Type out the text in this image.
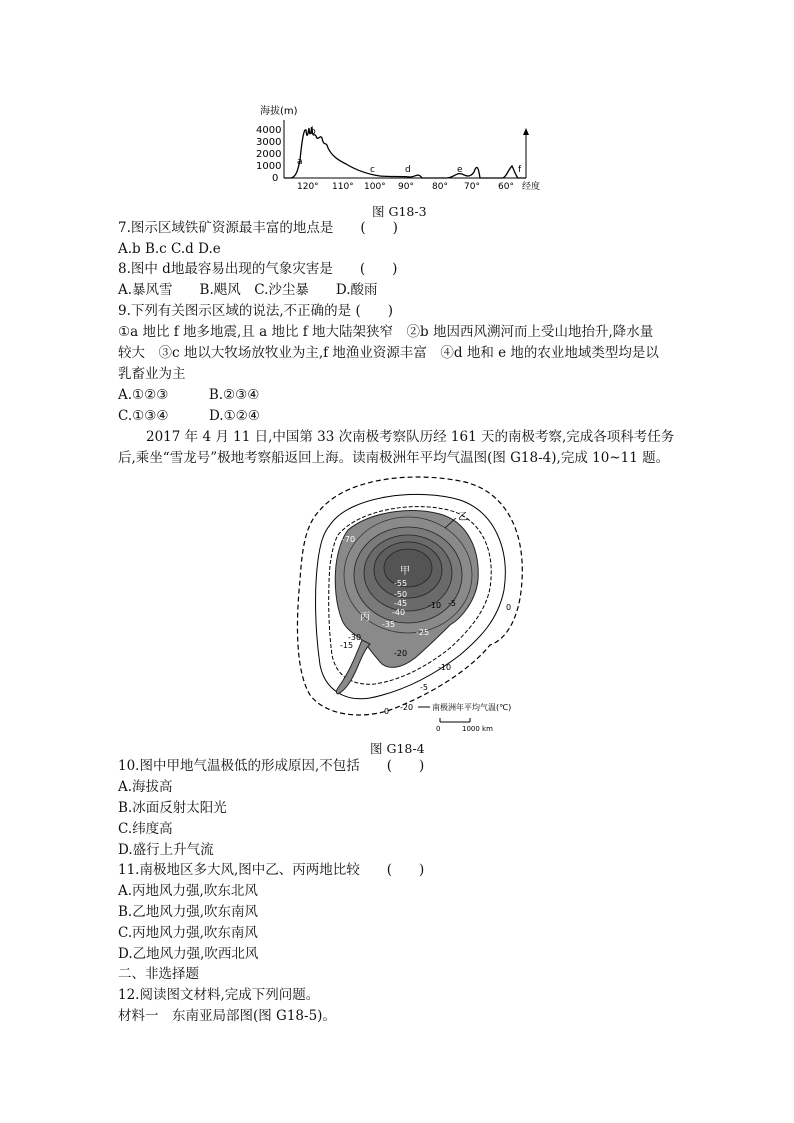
海拔(m)
4000
3000
2000
1000
0
a
b
c	d	e	f
120° 110° 100° 90° 80° 70° 60° 经度
图 G18-3
7.图示区域铁矿资源最丰富的地点是　　(　　)
A.b B.c C.d D.e
8.图中 d地最容易出现的气象灾害是　　(　　)
A.暴风雪　　B.飓风　C.沙尘暴　　D.酸雨
9.下列有关图示区域的说法,不正确的是 (　　)
①a 地比 f 地多地震,且 a 地比 f 地大陆架狭窄　②b 地因西风溯河而上受山地抬升,降水量
较大　③c 地以大牧场放牧业为主,f 地渔业资源丰富　④d 地和 e 地的农业地域类型均是以
乳畜业为主
A.①②③　　　B.②③④
C.①③④　　　D.①②④
2017 年 4 月 11 日,中国第 33 次南极考察队历经 161 天的南极考察,完成各项科考任务
后,乘坐“雪龙号”极地考察船返回上海。读南极洲年平均气温图(图 G18-4),完成 10~11 题。
乙
甲
丙
-70
-55
-50
-45
-40
-35
-30
-25
-20
-15
-10
-10 -5
-5
0
0 -20 南极洲年平均气温(℃)
0	1000 km
图 G18-4
10.图中甲地气温极低的形成原因,不包括　　(　　)
A.海拔高
B.冰面反射太阳光
C.纬度高
D.盛行上升气流
11.南极地区多大风,图中乙、丙两地比较　　(　　)
A.丙地风力强,吹东北风
B.乙地风力强,吹东南风
C.丙地风力强,吹东南风
D.乙地风力强,吹西北风
二、非选择题
12.阅读图文材料,完成下列问题。
材料一　东南亚局部图(图 G18-5)。
